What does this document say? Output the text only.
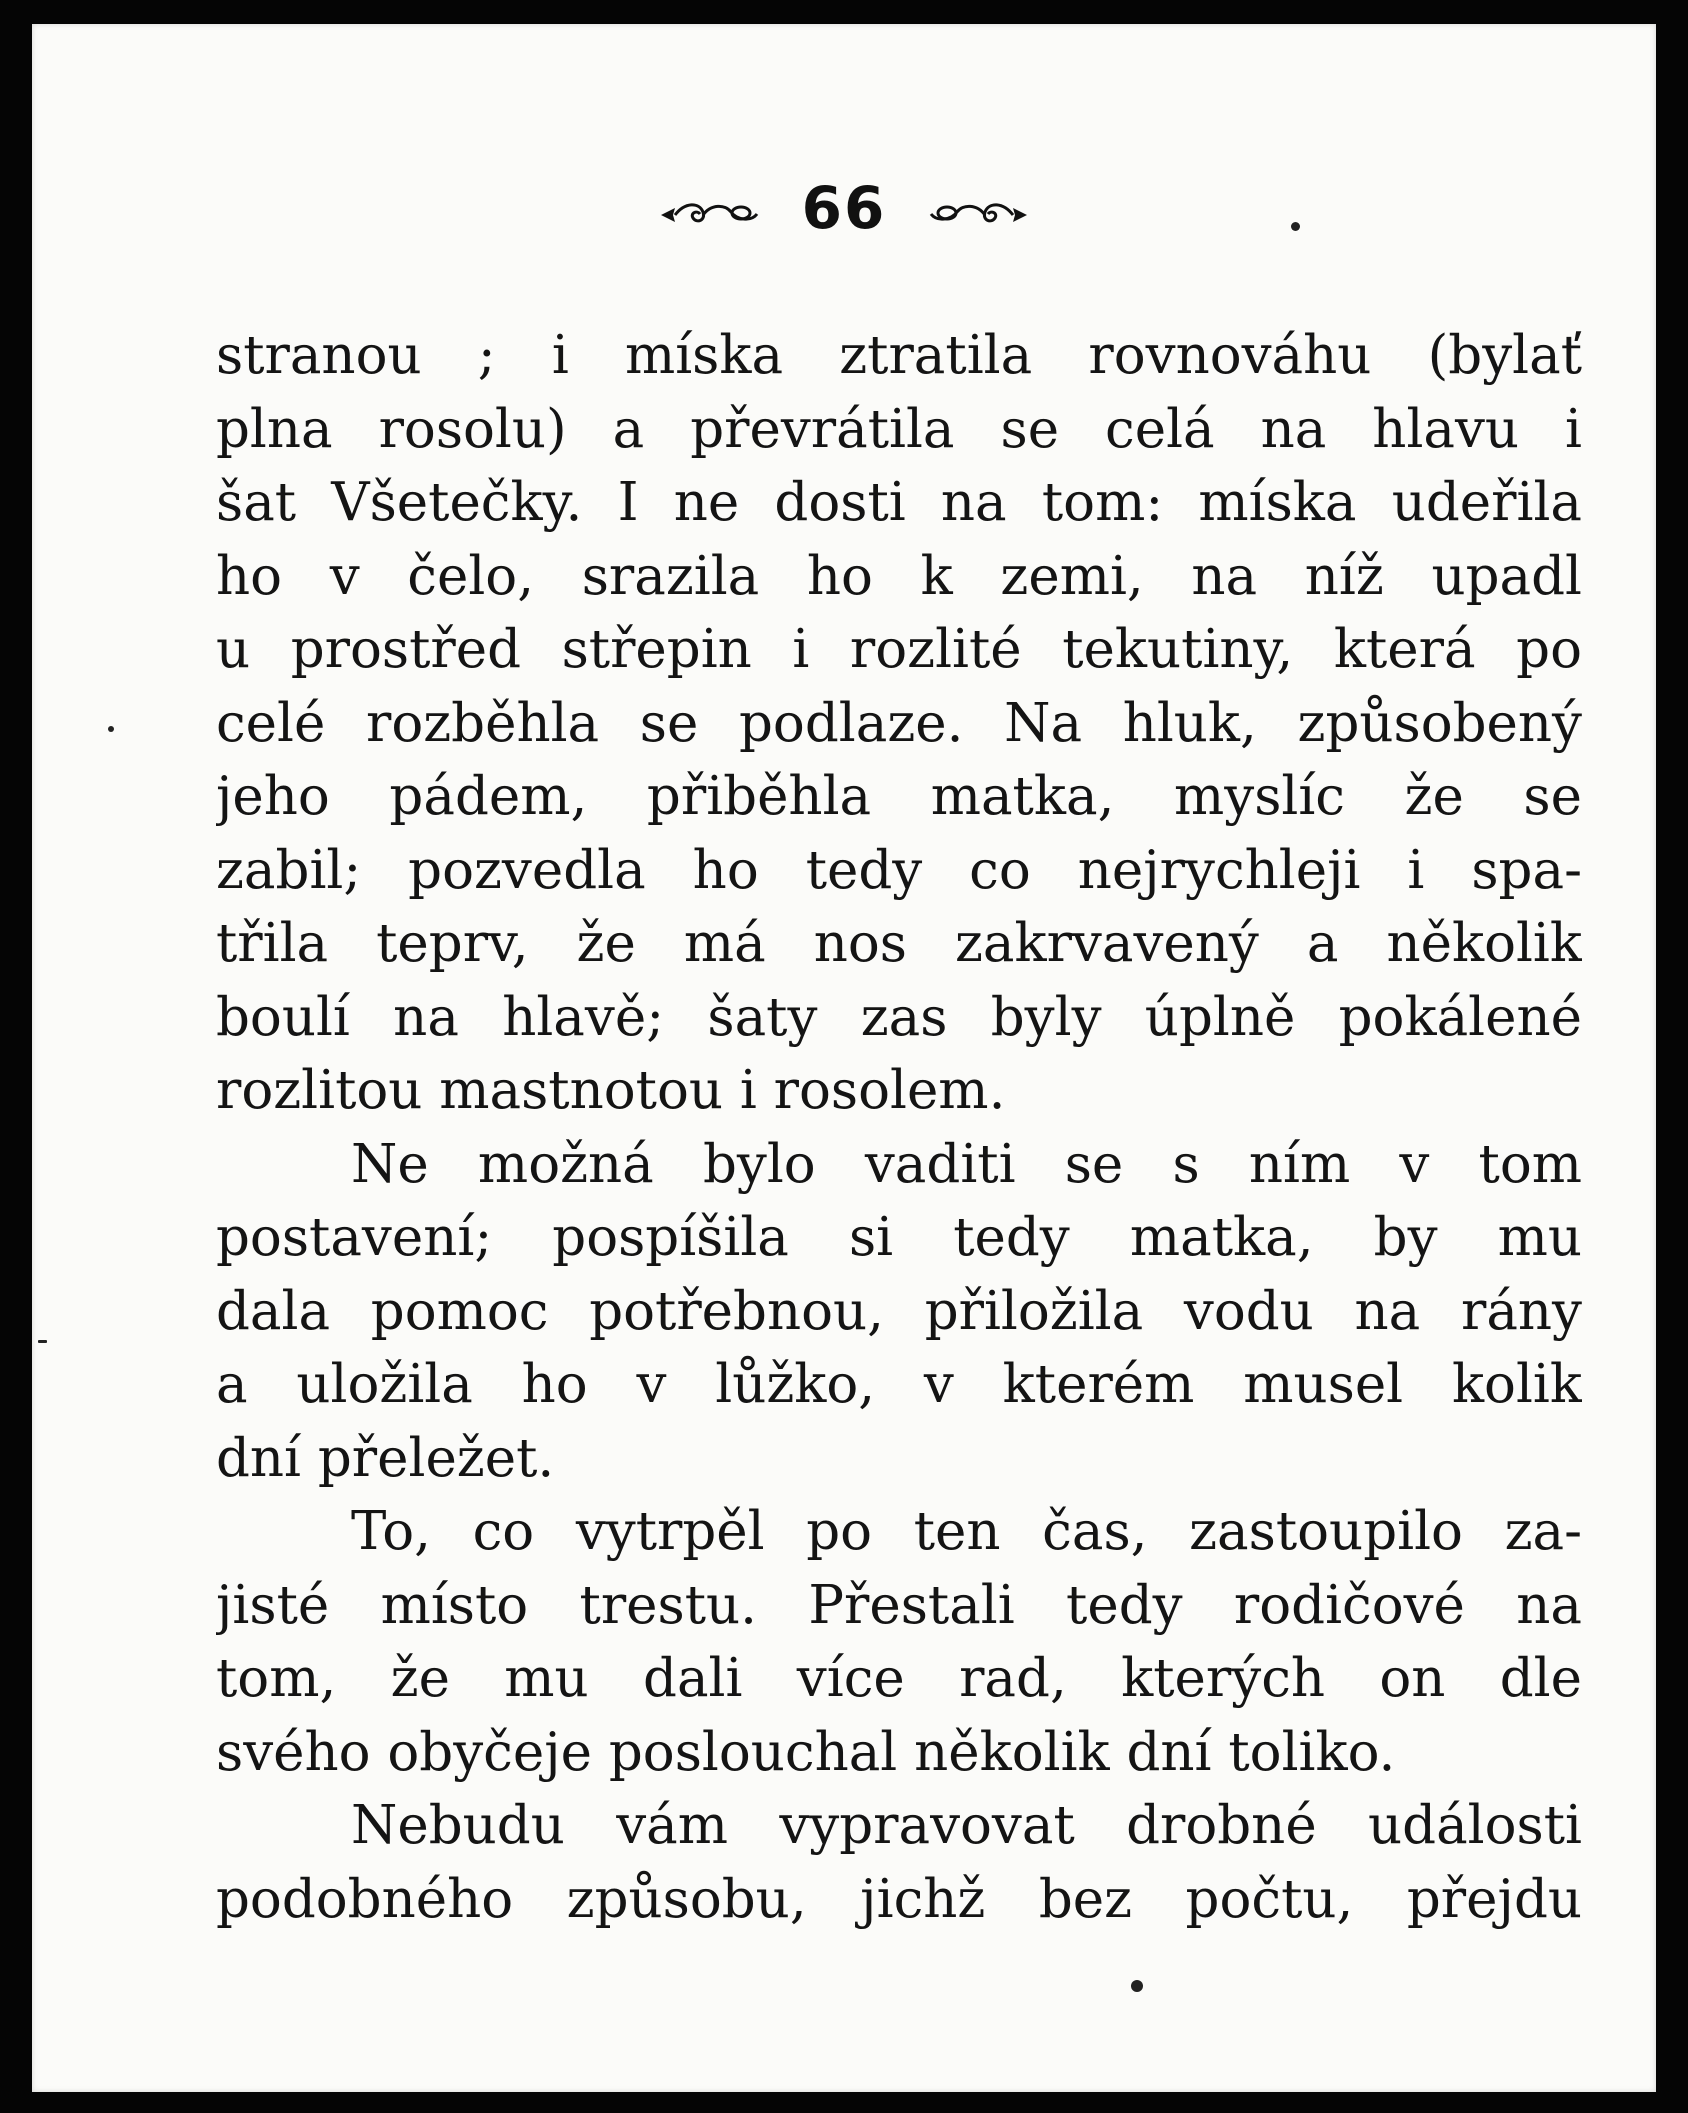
66
stranou ; i míska ztratila rovnováhu (bylať
plna rosolu) a převrátila se celá na hlavu i
šat Všetečky. I ne dosti na tom: míska udeřila
ho v čelo, srazila ho k zemi, na níž upadl
u prostřed střepin i rozlité tekutiny, která po
celé rozběhla se podlaze. Na hluk, způsobený
jeho pádem, přiběhla matka, myslíc že se
zabil; pozvedla ho tedy co nejrychleji i spa-
třila teprv, že má nos zakrvavený a několik
boulí na hlavě; šaty zas byly úplně pokálené
rozlitou mastnotou i rosolem.
Ne možná bylo vaditi se s ním v tom
postavení; pospíšila si tedy matka, by mu
dala pomoc potřebnou, přiložila vodu na rány
a uložila ho v lůžko, v kterém musel kolik
dní přeležet.
To, co vytrpěl po ten čas, zastoupilo za-
jisté místo trestu. Přestali tedy rodičové na
tom, že mu dali více rad, kterých on dle
svého obyčeje poslouchal několik dní toliko.
Nebudu vám vypravovat drobné události
podobného způsobu, jichž bez počtu, přejdu
